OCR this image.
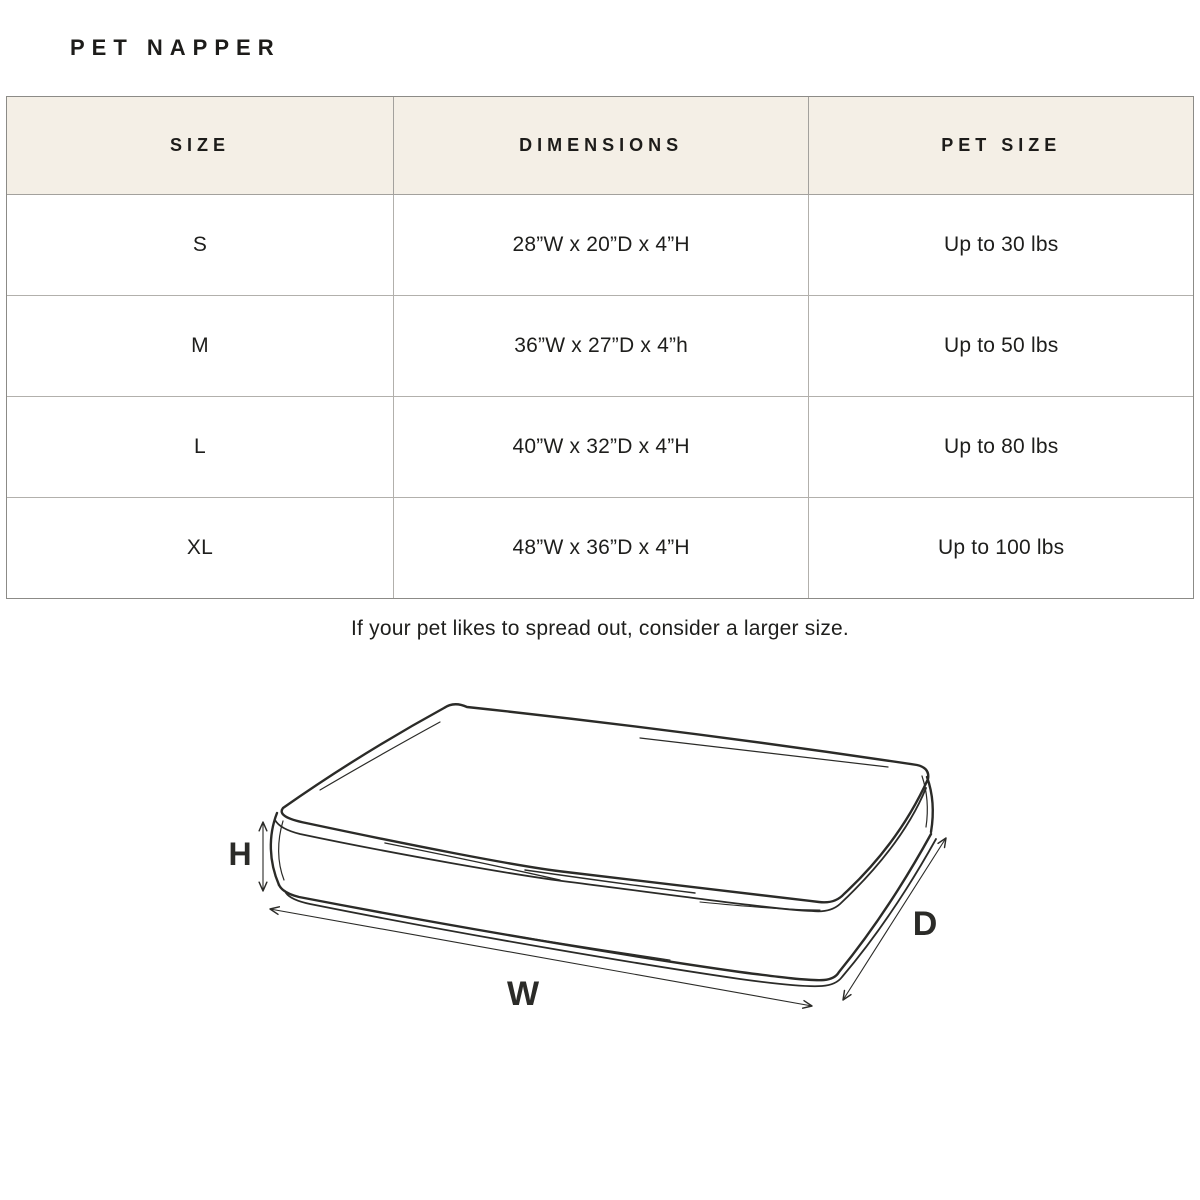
PET NAPPER
SIZE	DIMENSIONS	PET SIZE
S	28”W x 20”D x 4”H	Up to 30 lbs
M	36”W x 27”D x 4”h	Up to 50 lbs
L	40”W x 32”D x 4”H	Up to 80 lbs
XL	48”W x 36”D x 4”H	Up to 100 lbs

If your pet likes to spread out, consider a larger size.

H
W
D
